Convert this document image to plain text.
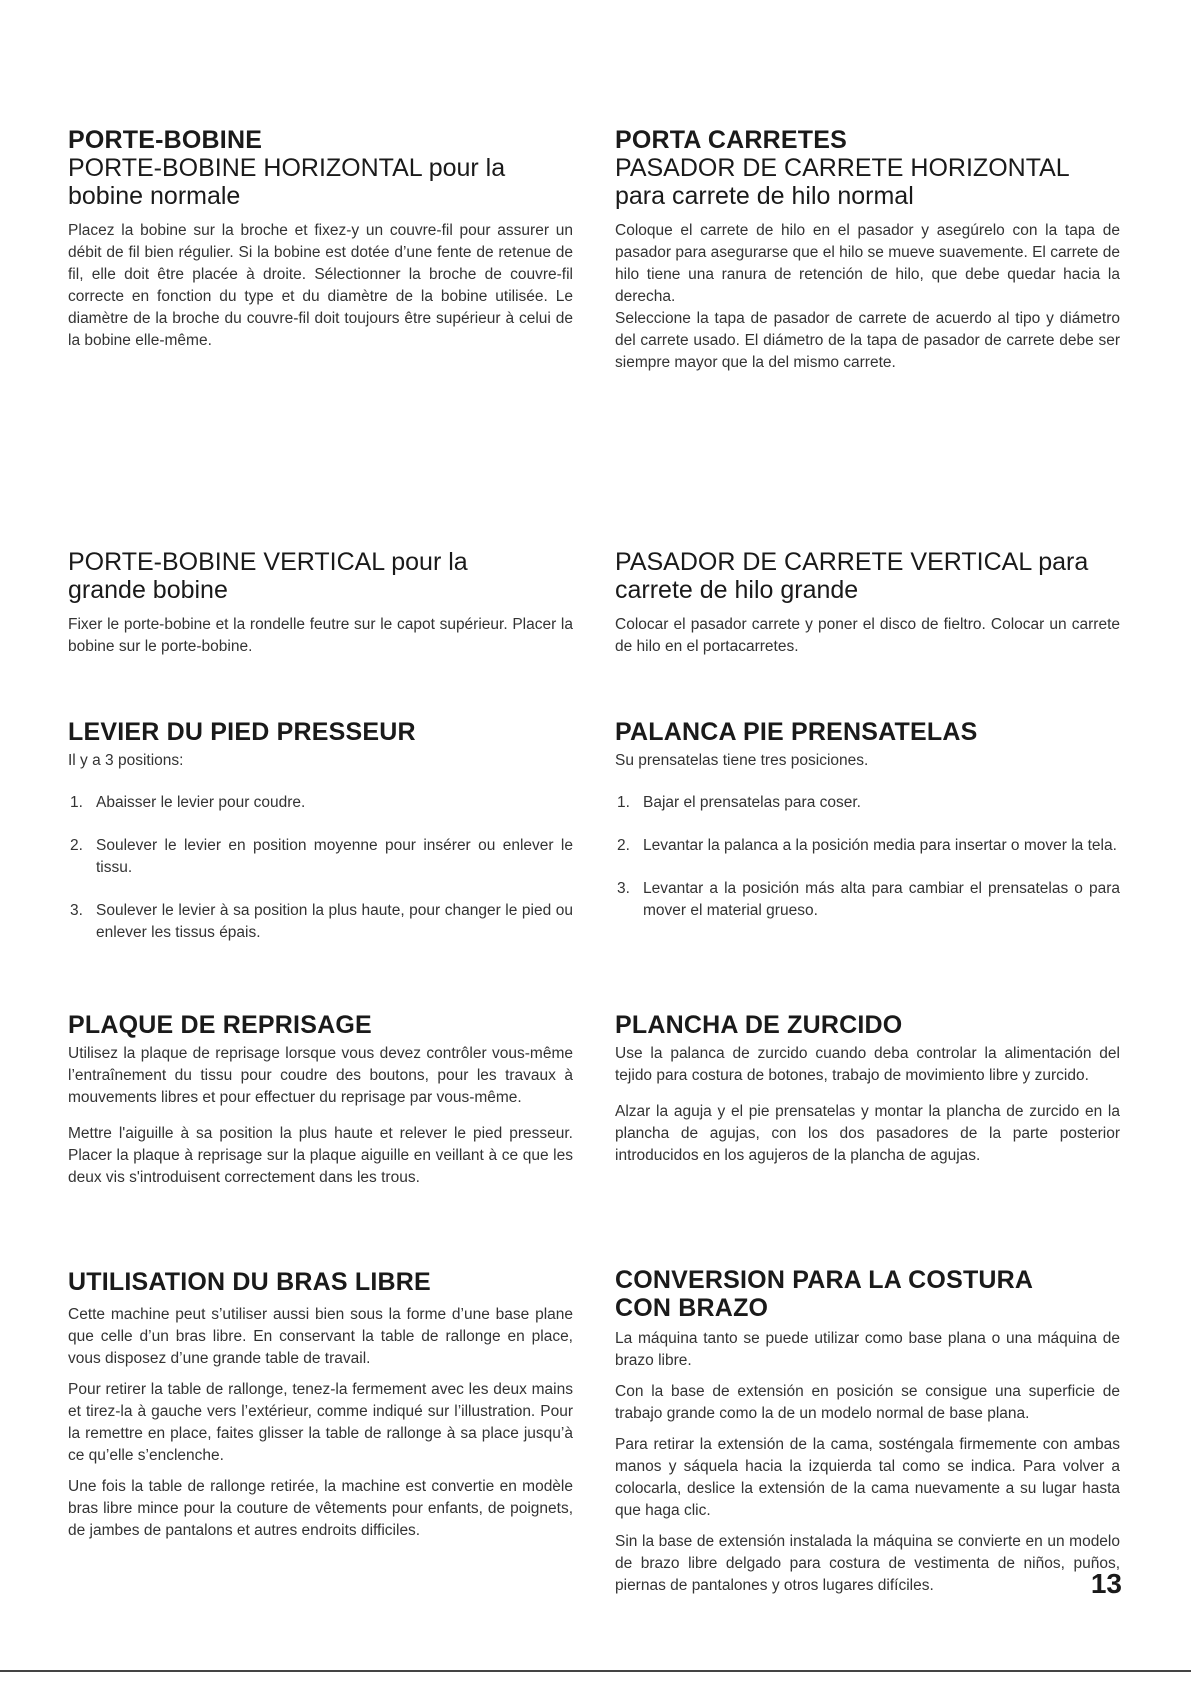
PORTE-BOBINE
PORTE-BOBINE HORIZONTAL pour la
bobine normale

Placez la bobine sur la broche et fixez-y un couvre-fil pour assurer un débit de fil bien régulier. Si la bobine est dotée d’une fente de retenue de fil, elle doit être placée à droite. Sélectionner la broche de couvre-fil correcte en fonction du type et du diamètre de la bobine utilisée. Le diamètre de la broche du couvre-fil doit toujours être supérieur à celui de la bobine elle-même.

PORTE-BOBINE VERTICAL pour la
grande bobine

Fixer le porte-bobine et la rondelle feutre sur le capot supérieur. Placer la bobine sur le porte-bobine.

LEVIER DU PIED PRESSEUR

Il y a 3 positions:

1. Abaisser le levier pour coudre.
2. Soulever le levier en position moyenne pour insérer ou enlever le tissu.
3. Soulever le levier à sa position la plus haute, pour changer le pied ou enlever les tissus épais.
PLAQUE DE REPRISAGE

Utilisez la plaque de reprisage lorsque vous devez contrôler vous-même l’entraînement du tissu pour coudre des boutons, pour les travaux à mouvements libres et pour effectuer du reprisage par vous-même.

Mettre l'aiguille à sa position la plus haute et relever le pied presseur. Placer la plaque à reprisage sur la plaque aiguille en veillant à ce que les deux vis s'introduisent correctement dans les trous.

UTILISATION DU BRAS LIBRE

Cette machine peut s’utiliser aussi bien sous la forme d’une base plane que celle d’un bras libre. En conservant la table de rallonge en place, vous disposez d’une grande table de travail.

Pour retirer la table de rallonge, tenez-la fermement avec les deux mains et tirez-la à gauche vers l’extérieur, comme indiqué sur l’illustration. Pour la remettre en place, faites glisser la table de rallonge à sa place jusqu’à ce qu’elle s’enclenche.

Une fois la table de rallonge retirée, la machine est convertie en modèle bras libre mince pour la couture de vêtements pour enfants, de poignets, de jambes de pantalons et autres endroits difficiles.

PORTA CARRETES
PASADOR DE CARRETE HORIZONTAL
para carrete de hilo normal

Coloque el carrete de hilo en el pasador y asegúrelo con la tapa de pasador para asegurarse que el hilo se mueve suavemente. El carrete de hilo tiene una ranura de retención de hilo, que debe quedar hacia la derecha.

Seleccione la tapa de pasador de carrete de acuerdo al tipo y diámetro del carrete usado. El diámetro de la tapa de pasador de carrete debe ser siempre mayor que la del mismo carrete.

PASADOR DE CARRETE VERTICAL para
carrete de hilo grande

Colocar el pasador carrete y poner el disco de fieltro. Colocar un carrete de hilo en el portacarretes.

PALANCA PIE PRENSATELAS

Su prensatelas tiene tres posiciones.

1. Bajar el prensatelas para coser.
2. Levantar la palanca a la posición media para insertar o mover la tela.
3. Levantar a la posición más alta para cambiar el prensatelas o para mover el material grueso.
PLANCHA DE ZURCIDO

Use la palanca de zurcido cuando deba controlar la alimentación del tejido para costura de botones, trabajo de movimiento libre y zurcido.

Alzar la aguja y el pie prensatelas y montar la plancha de zurcido en la plancha de agujas, con los dos pasadores de la parte posterior introducidos en los agujeros de la plancha de agujas.

CONVERSION PARA LA COSTURA
CON BRAZO

La máquina tanto se puede utilizar como base plana o una máquina de brazo libre.

Con la base de extensión en posición se consigue una superficie de trabajo grande como la de un modelo normal de base plana.

Para retirar la extensión de la cama, sosténgala firmemente con ambas manos y sáquela hacia la izquierda tal como se indica. Para volver a colocarla, deslice la extensión de la cama nuevamente a su lugar hasta que haga clic.

Sin la base de extensión instalada la máquina se convierte en un modelo de brazo libre delgado para costura de vestimenta de niños, puños, piernas de pantalones y otros lugares difíciles.	13
